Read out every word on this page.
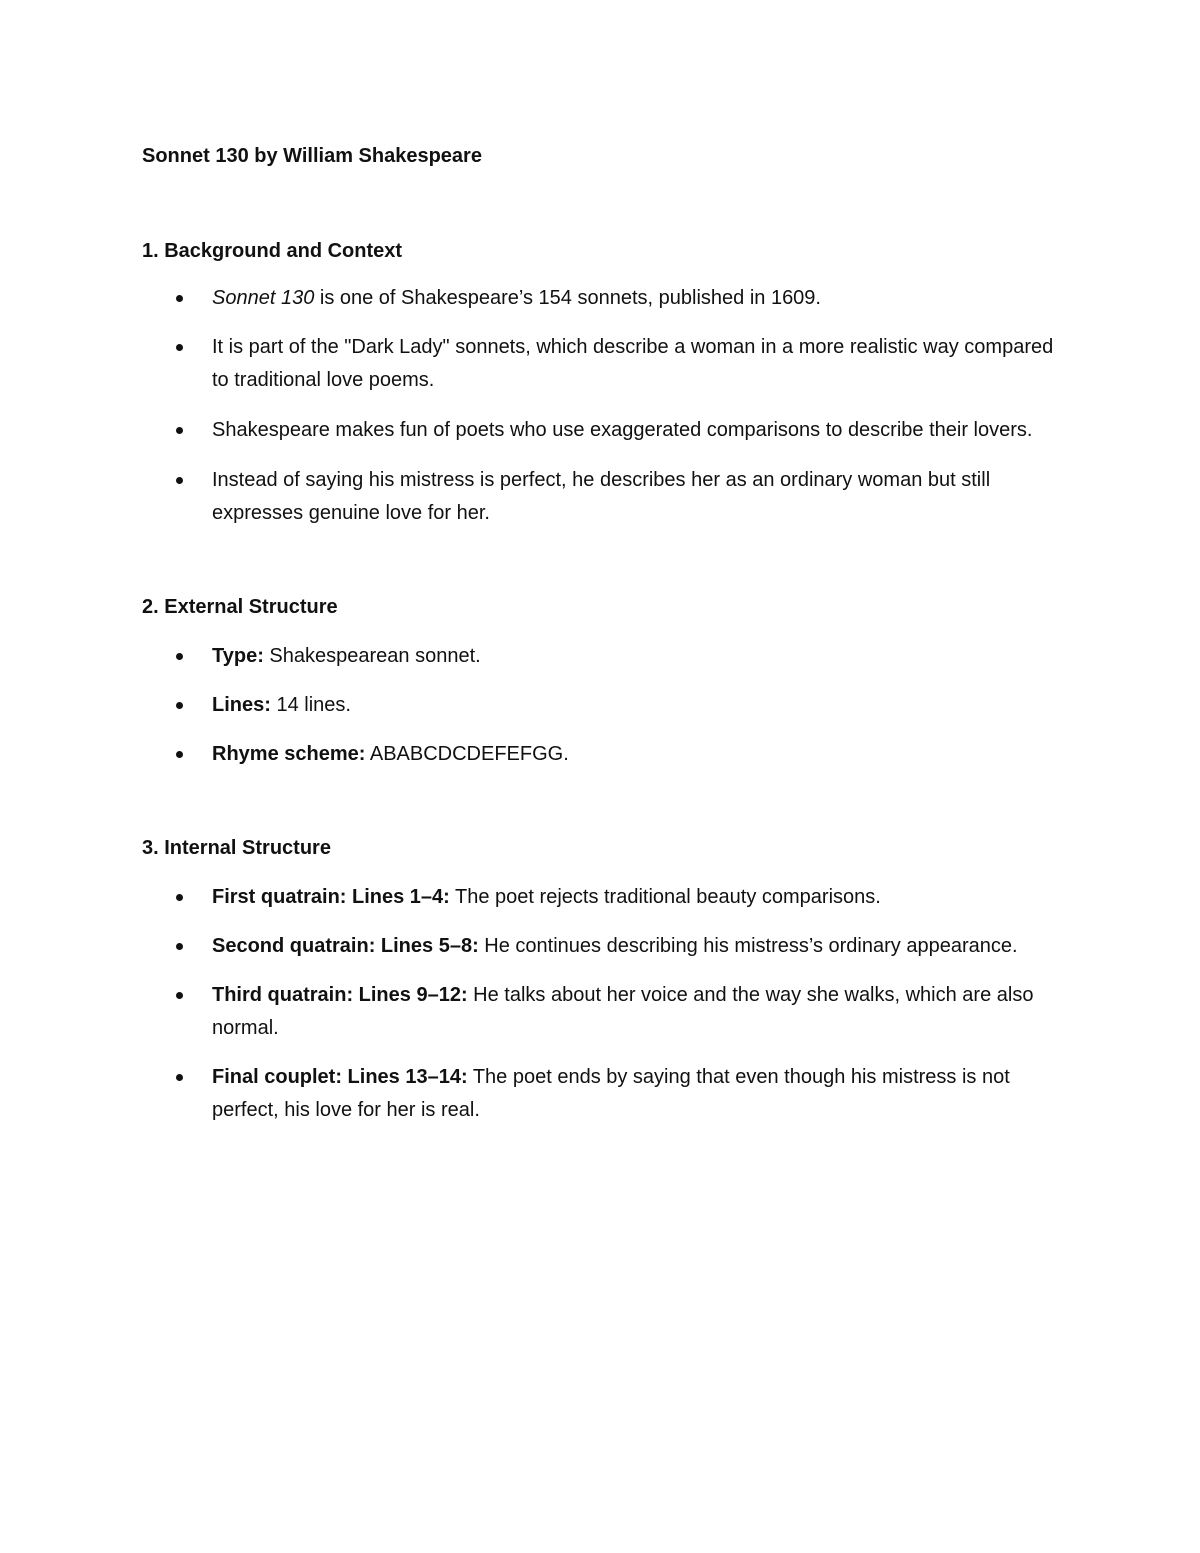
Sonnet 130 by William Shakespeare

1. Background and Context

Sonnet 130 is one of Shakespeare’s 154 sonnets, published in 1609.
It is part of the "Dark Lady" sonnets, which describe a woman in a more realistic way compared to traditional love poems.
Shakespeare makes fun of poets who use exaggerated comparisons to describe their lovers.
Instead of saying his mistress is perfect, he describes her as an ordinary woman but still expresses genuine love for her.

2. External Structure

Type: Shakespearean sonnet.
Lines: 14 lines.
Rhyme scheme: ABABCDCDEFEFGG.

3. Internal Structure

First quatrain: Lines 1–4: The poet rejects traditional beauty comparisons.
Second quatrain: Lines 5–8: He continues describing his mistress’s ordinary appearance.
Third quatrain: Lines 9–12: He talks about her voice and the way she walks, which are also normal.
Final couplet: Lines 13–14: The poet ends by saying that even though his mistress is not perfect, his love for her is real.
